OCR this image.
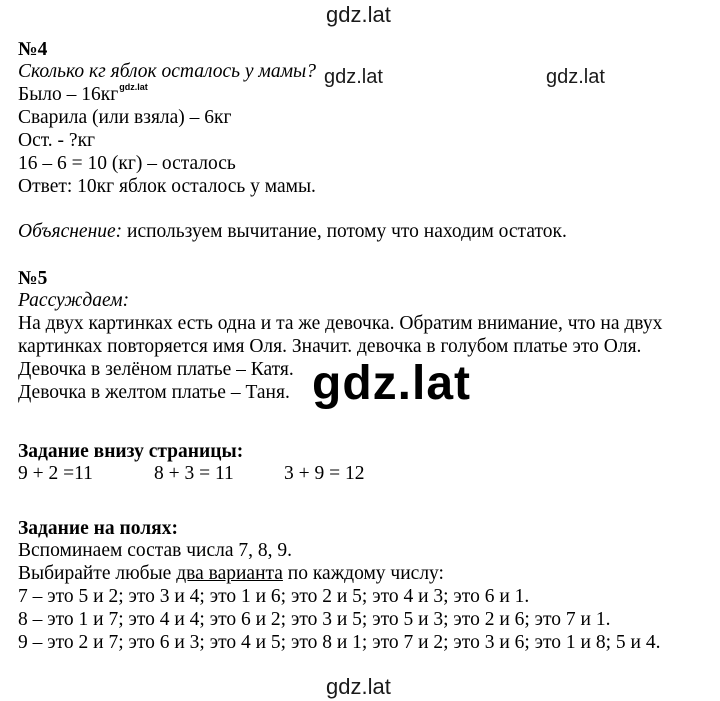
gdz.lat
gdz.lat	gdz.lat
gdz.lat
gdz.lat
№4
Сколько кг яблок осталось у мамы?
Было – $16кг^{gdz.lat}$
Сварила (или взяла) – 6кг
Ост. - ?кг
16 – 6 = 10 (кг) – осталось
Ответ: 10кг яблок осталось у мамы.
Объяснение: используем вычитание, потому что находим остаток.
№5
Рассуждаем:
На двух картинках есть одна и та же девочка. Обратим внимание, что на двух
картинках повторяется имя Оля. Значит. девочка в голубом платье это Оля.
Девочка в зелёном платье – Катя.
Девочка в желтом платье – Таня.
Задание внизу страницы:
9 + 2 =11	8 + 3 = 11	3 + 9 = 12
Задание на полях:
Вспоминаем состав числа 7, 8, 9.
Выбирайте любые два варианта по каждому числу:
7 – это 5 и 2; это 3 и 4; это 1 и 6; это 2 и 5; это 4 и 3; это 6 и 1.
8 – это 1 и 7; это 4 и 4; это 6 и 2; это 3 и 5; это 5 и 3; это 2 и 6; это 7 и 1.
9 – это 2 и 7; это 6 и 3; это 4 и 5; это 8 и 1; это 7 и 2; это 3 и 6; это 1 и 8; 5 и 4.
